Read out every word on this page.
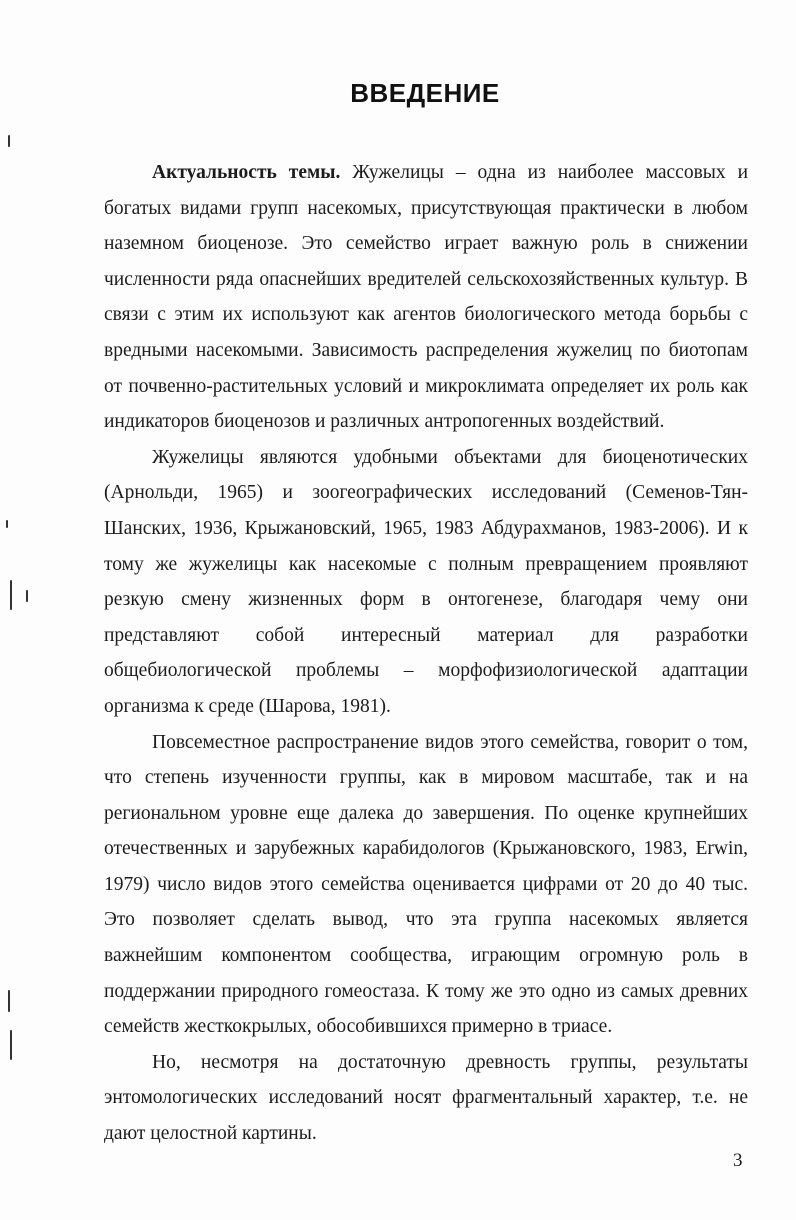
ВВЕДЕНИЕ

Актуальность темы. Жужелицы – одна из наиболее массовых и богатых видами групп насекомых, присутствующая практически в любом наземном биоценозе. Это семейство играет важную роль в снижении численности ряда опаснейших вредителей сельскохозяйственных культур. В связи с этим их используют как агентов биологического метода борьбы с вредными насекомыми. Зависимость распределения жужелиц по биотопам от почвенно-растительных условий и микроклимата определяет их роль как индикаторов биоценозов и различных антропогенных воздействий.

Жужелицы являются удобными объектами для биоценотических (Арнольди, 1965) и зоогеографических исследований (Семенов-Тян-Шанских, 1936, Крыжановский, 1965, 1983 Абдурахманов, 1983-2006). И к тому же жужелицы как насекомые с полным превращением проявляют резкую смену жизненных форм в онтогенезе, благодаря чему они представляют собой интересный материал для разработки общебиологической проблемы – морфофизиологической адаптации организма к среде (Шарова, 1981).

Повсеместное распространение видов этого семейства, говорит о том, что степень изученности группы, как в мировом масштабе, так и на региональном уровне еще далека до завершения. По оценке крупнейших отечественных и зарубежных карабидологов (Крыжановского, 1983, Erwin, 1979) число видов этого семейства оценивается цифрами от 20 до 40 тыс. Это позволяет сделать вывод, что эта группа насекомых является важнейшим компонентом сообщества, играющим огромную роль в поддержании природного гомеостаза. К тому же это одно из самых древних семейств жесткокрылых, обособившихся примерно в триасе.

Но, несмотря на достаточную древность группы, результаты энтомологических исследований носят фрагментальный характер, т.е. не дают целостной картины.

3
